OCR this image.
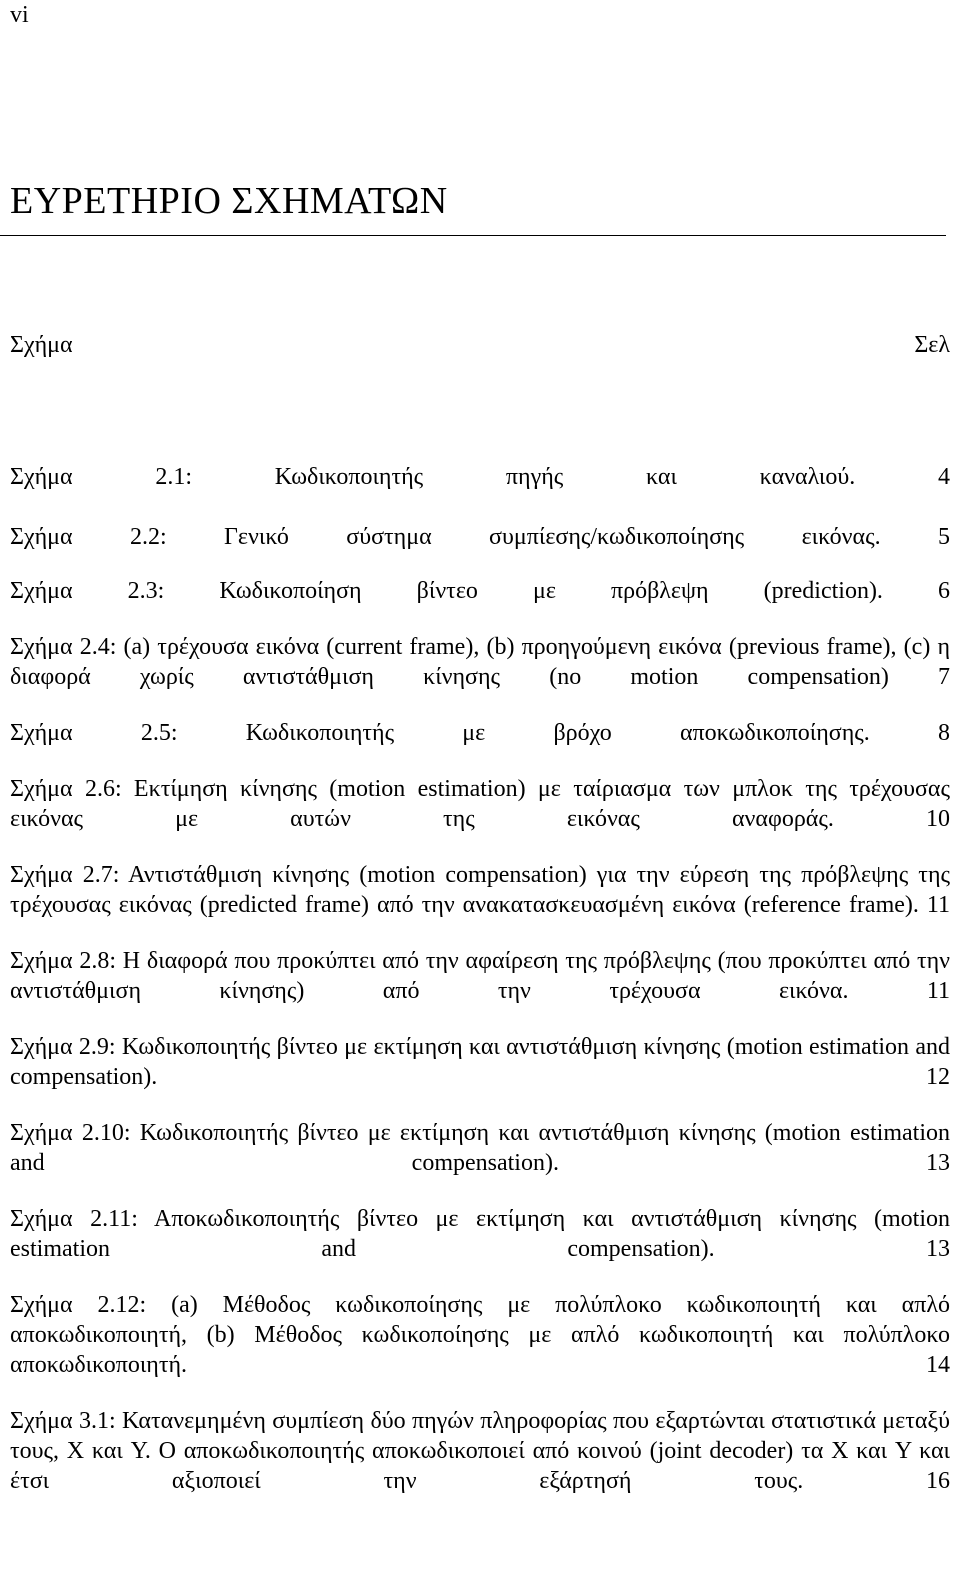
vi
ΕΥΡΕΤΗΡΙΟ ΣΧΗΜΑΤΩΝ
Σχήμα	Σελ
Σχήμα 2.1: Κωδικοποιητής πηγής και καναλιού.	4
Σχήμα 2.2: Γενικό σύστημα συμπίεσης/κωδικοποίησης εικόνας. 5
Σχήμα 2.3: Κωδικοποίηση βίντεο με πρόβλεψη (prediction). 6
Σχήμα 2.4: (a) τρέχουσα εικόνα (current frame), (b) προηγούμενη εικόνα (previous frame), (c) η διαφορά χωρίς αντιστάθμιση κίνησης (no motion compensation) 7
Σχήμα 2.5: Κωδικοποιητής με βρόχο αποκωδικοποίησης.	8
Σχήμα 2.6: Εκτίμηση κίνησης (motion estimation) με ταίριασμα των μπλοκ της τρέχουσας εικόνας με αυτών της εικόνας αναφοράς.	10
Σχήμα 2.7: Αντιστάθμιση κίνησης (motion compensation) για την εύρεση της πρόβλεψης της τρέχουσας εικόνας (predicted frame) από την ανακατασκευασμένη εικόνα (reference frame). 11
Σχήμα 2.8: Η διαφορά που προκύπτει από την αφαίρεση της πρόβλεψης (που προκύπτει από την αντιστάθμιση κίνησης) από την τρέχουσα εικόνα.	11
Σχήμα 2.9: Κωδικοποιητής βίντεο με εκτίμηση και αντιστάθμιση κίνησης (motion estimation and compensation).	12
Σχήμα 2.10: Κωδικοποιητής βίντεο με εκτίμηση και αντιστάθμιση κίνησης (motion estimation and compensation).	13
Σχήμα 2.11: Αποκωδικοποιητής βίντεο με εκτίμηση και αντιστάθμιση κίνησης (motion estimation and compensation).	13
Σχήμα 2.12: (a) Μέθοδος κωδικοποίησης με πολύπλοκο κωδικοποιητή και απλό αποκωδικοποιητή, (b) Μέθοδος κωδικοποίησης με απλό κωδικοποιητή και πολύπλοκο αποκωδικοποιητή.	14
Σχήμα 3.1: Κατανεμημένη συμπίεση δύο πηγών πληροφορίας που εξαρτώνται στατιστικά μεταξύ τους, X και Y. Ο αποκωδικοποιητής αποκωδικοποιεί από κοινού (joint decoder) τα X και Y και έτσι αξιοποιεί την εξάρτησή τους.	16
